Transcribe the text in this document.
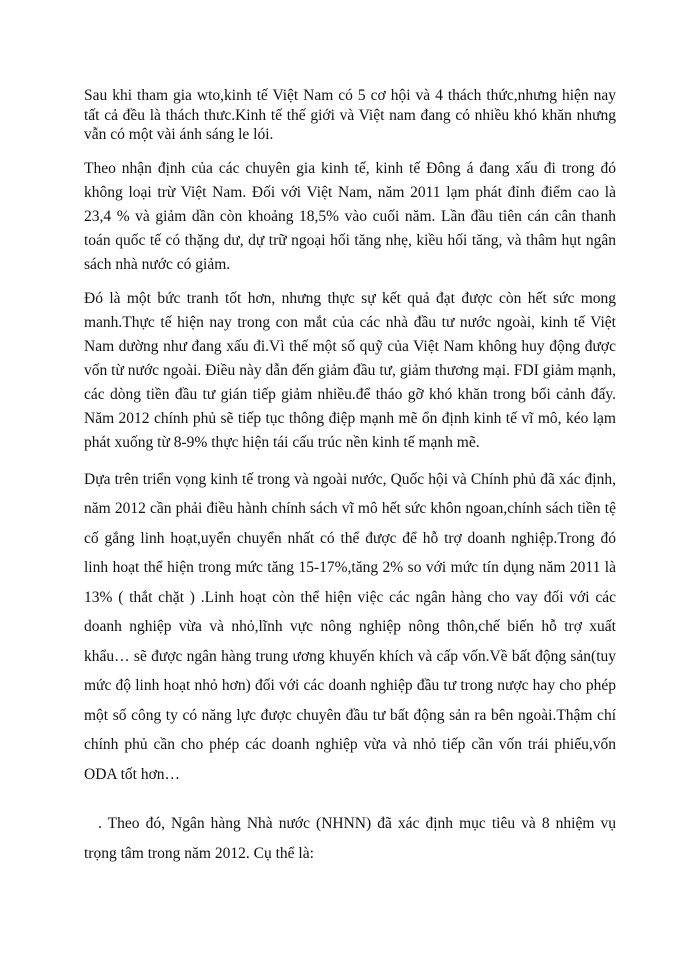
Sau khi tham gia wto,kinh tế Việt Nam có 5 cơ hội và 4 thách thức,nhưng hiện nay tất cả đều là thách thưc.Kinh tế thế giới và Việt nam đang có nhiều khó khăn nhưng vẫn có một vài ánh sáng le lói.

Theo nhận định của các chuyên gia kinh tế, kinh tế Đông á đang xấu đi trong đó không loại trừ Việt Nam. Đối với Việt Nam, năm 2011 lạm phát đỉnh điểm cao là 23,4 % và giảm dần còn khoảng 18,5% vào cuối năm. Lần đầu tiên cán cân thanh toán quốc tế có thặng dư, dự trữ ngoại hối tăng nhẹ, kiều hối tăng, và thâm hụt ngân sách nhà nước có giảm.

Đó là một bức tranh tốt hơn, nhưng thực sự kết quả đạt được còn hết sức mong manh.Thực tế hiện nay trong con mắt của các nhà đầu tư nước ngoài, kinh tế Việt Nam dường như đang xấu đi.Vì thế một số quỹ của Việt Nam không huy động được vốn từ nước ngoài. Điều này dẫn đến giảm đầu tư, giảm thương mại. FDI giảm mạnh, các dòng tiền đầu tư gián tiếp giảm nhiều.để tháo gỡ khó khăn trong bối cảnh đấy. Năm 2012 chính phủ sẽ tiếp tục thông điệp mạnh mẽ ổn định kinh tế vĩ mô, kéo lạm phát xuống từ 8-9% thực hiện tái cấu trúc nền kinh tế mạnh mẽ.

Dựa trên triển vọng kinh tế trong và ngoài nước, Quốc hội và Chính phủ đã xác định, năm 2012 cần phải điều hành chính sách vĩ mô hết sức khôn ngoan,chính sách tiền tệ cố gắng linh hoạt,uyển chuyển nhất có thể được để hỗ trợ doanh nghiệp.Trong đó linh hoạt thể hiện trong mức tăng 15-17%,tăng 2% so với mức tín dụng năm 2011 là 13% ( thắt chặt ) .Linh hoạt còn thể hiện việc các ngân hàng cho vay đối với các doanh nghiệp vừa và nhỏ,lĩnh vực nông nghiệp nông thôn,chế biến hỗ trợ xuất khẩu… sẽ được ngân hàng trung ương khuyến khích và cấp vốn.Về bất động sản(tuy mức độ linh hoạt nhỏ hơn) đối với các doanh nghiệp đầu tư trong nược hay cho phép một số công ty có năng lực được chuyên đầu tư bất động sản ra bên ngoài.Thậm chí chính phủ cần cho phép các doanh nghiệp vừa và nhỏ tiếp cần vốn trái phiếu,vốn ODA tốt hơn…

. Theo đó, Ngân hàng Nhà nước (NHNN) đã xác định mục tiêu và 8 nhiệm vụ trọng tâm trong năm 2012. Cụ thể là:
